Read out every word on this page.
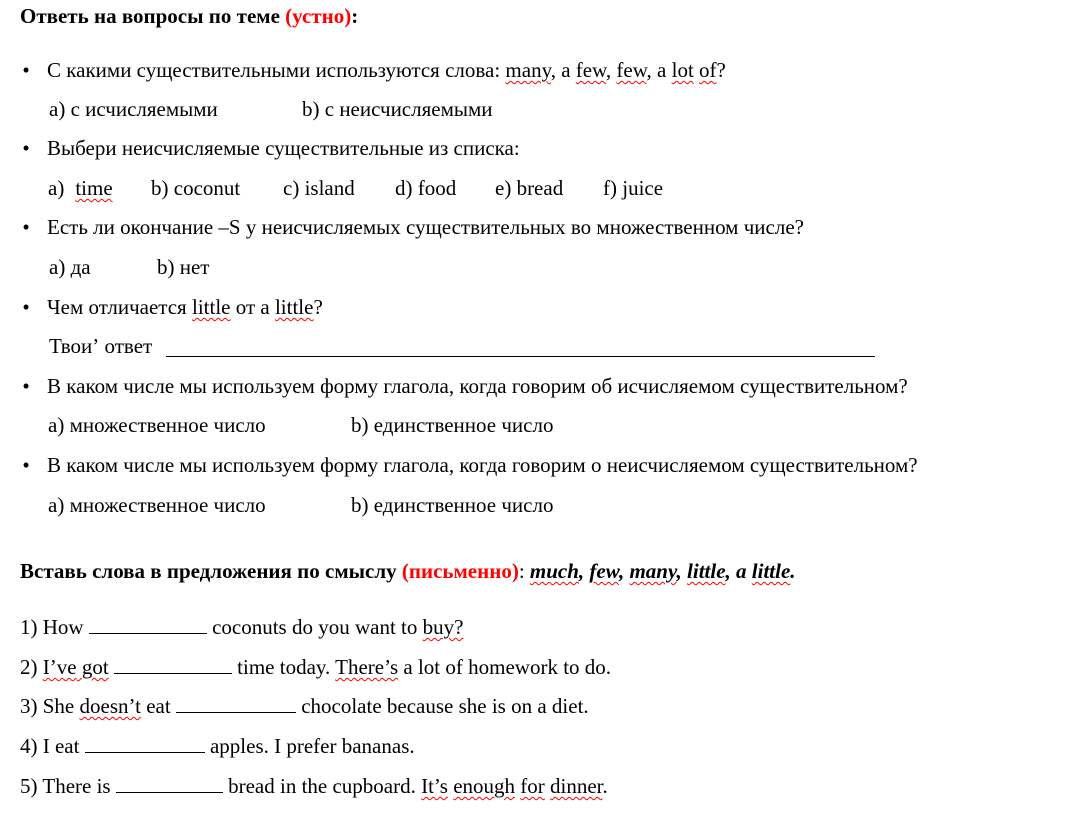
Ответь на вопросы по теме (устно):
• С какими существительными используются слова: many, a few, few, a lot of?
a) с исчисляемыми	b) с неисчисляемыми
• Выбери неисчисляемые существительные из списка:
a) time b) coconut c) island d) food e) bread f) juice
• Есть ли окончание –S у неисчисляемых существительных во множественном числе?
a) да	b) нет
• Чем отличается little от a little?
Твоиʼ ответ
• В каком числе мы используем форму глагола, когда говорим об исчисляемом существительном?
a) множественное число	b) единственное число
• В каком числе мы используем форму глагола, когда говорим о неисчисляемом существительном?
a) множественное число	b) единственное число
Вставь слова в предложения по смыслу (письменно): much, few, many, little, a little.
1) How	coconuts do you want to buy?
2) I’ve got	time today. There’s a lot of homework to do.
3) She doesn’t eat	chocolate because she is on a diet.
4) I eat	apples. I prefer bananas.
5) There is	bread in the cupboard. It’s enough for dinner.
